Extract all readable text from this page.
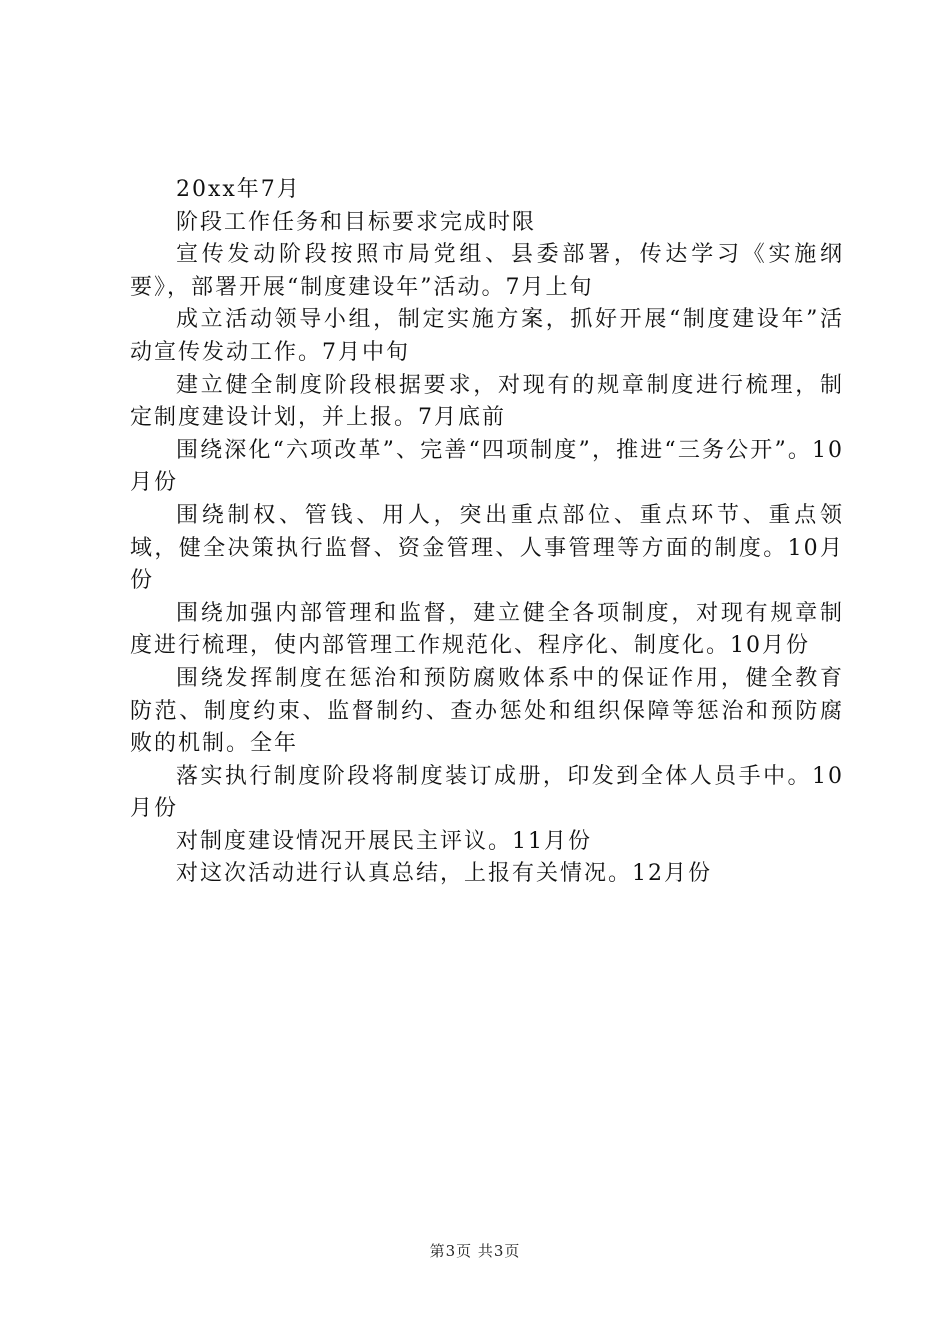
20xx年7月

阶段工作任务和目标要求完成时限

宣传发动阶段按照市局党组、县委部署，传达学习《实施纲要》，部署开展“制度建设年”活动。7月上旬

成立活动领导小组，制定实施方案，抓好开展“制度建设年”活动宣传发动工作。7月中旬

建立健全制度阶段根据要求，对现有的规章制度进行梳理，制定制度建设计划，并上报。7月底前

围绕深化“六项改革”、完善“四项制度”，推进“三务公开”。10月份

围绕制权、管钱、用人，突出重点部位、重点环节、重点领域，健全决策执行监督、资金管理、人事管理等方面的制度。10月份

围绕加强内部管理和监督，建立健全各项制度，对现有规章制度进行梳理，使内部管理工作规范化、程序化、制度化。10月份

围绕发挥制度在惩治和预防腐败体系中的保证作用，健全教育防范、制度约束、监督制约、查办惩处和组织保障等惩治和预防腐败的机制。全年

落实执行制度阶段将制度装订成册，印发到全体人员手中。10月份

对制度建设情况开展民主评议。11月份

对这次活动进行认真总结，上报有关情况。12月份

第3页 共3页
